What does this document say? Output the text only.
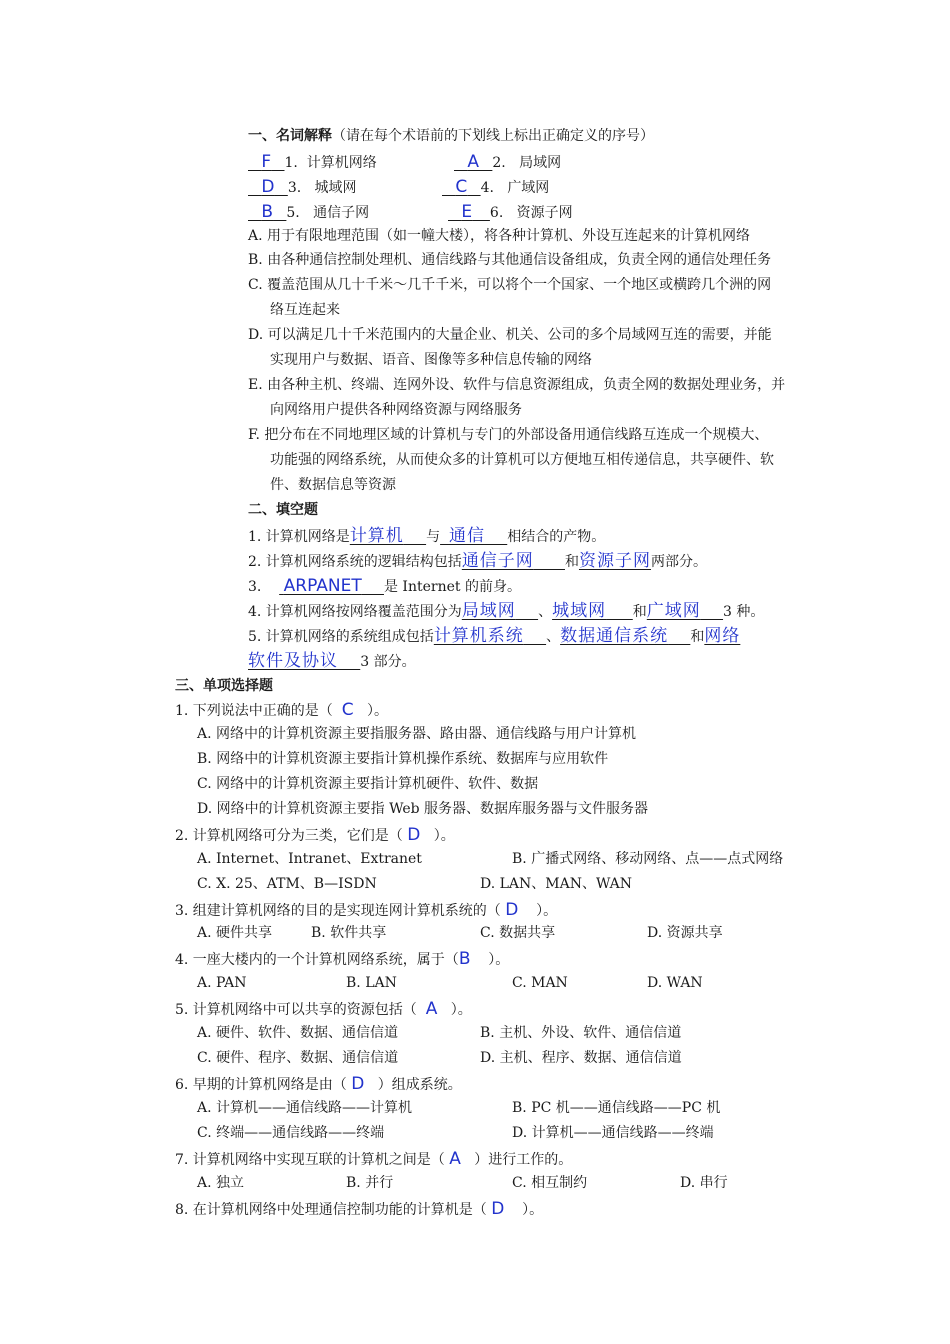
一、名词解释（请在每个术语前的下划线上标出正确定义的序号）
F 1. 计算机网络	A 2. 局域网
D 3. 城域网	C 4. 广域网
B 5. 通信子网	E 6. 资源子网
A. 用于有限地理范围（如一幢大楼），将各种计算机、外设互连起来的计算机网络
B. 由各种通信控制处理机、通信线路与其他通信设备组成，负责全网的通信处理任务
C. 覆盖范围从几十千米～几千千米，可以将个一个国家、一个地区或横跨几个洲的网
络互连起来
D. 可以满足几十千米范围内的大量企业、机关、公司的多个局域网互连的需要，并能
实现用户与数据、语音、图像等多种信息传输的网络
E. 由各种主机、终端、连网外设、软件与信息资源组成，负责全网的数据处理业务，并
向网络用户提供各种网络资源与网络服务
F. 把分布在不同地理区域的计算机与专门的外部设备用通信线路互连成一个规模大、
功能强的网络系统，从而使众多的计算机可以方便地互相传递信息，共享硬件、软
件、数据信息等资源
二、填空题
1. 计算机网络是计算机 与 通信 相结合的产物。
2. 计算机网络系统的逻辑结构包括通信子网 和资源子网两部分。
3. ARPANET 是 Internet 的前身。
4. 计算机网络按网络覆盖范围分为局域网 、城域网 和广域网 3 种。
5. 计算机网络的系统组成包括计算机系统 、数据通信系统 和网络
软件及协议 3 部分。
三、单项选择题
1. 下列说法中正确的是（ C ）。
A. 网络中的计算机资源主要指服务器、路由器、通信线路与用户计算机
B. 网络中的计算机资源主要指计算机操作系统、数据库与应用软件
C. 网络中的计算机资源主要指计算机硬件、软件、数据
D. 网络中的计算机资源主要指 Web 服务器、数据库服务器与文件服务器
2. 计算机网络可分为三类，它们是（ D ）。
A. Internet、Intranet、Extranet	B. 广播式网络、移动网络、点——点式网络
C. X. 25、ATM、B—ISDN	D. LAN、MAN、WAN
3. 组建计算机网络的目的是实现连网计算机系统的（ D ）。
A. 硬件共享	B. 软件共享	C. 数据共享	D. 资源共享
4. 一座大楼内的一个计算机网络系统，属于（B ）。
A. PAN	B. LAN	C. MAN	D. WAN
5. 计算机网络中可以共享的资源包括（ A ）。
A. 硬件、软件、数据、通信信道	B. 主机、外设、软件、通信信道
C. 硬件、程序、数据、通信信道	D. 主机、程序、数据、通信信道
6. 早期的计算机网络是由（ D ）组成系统。
A. 计算机——通信线路——计算机	B. PC 机——通信线路——PC 机
C. 终端——通信线路——终端	D. 计算机——通信线路——终端
7. 计算机网络中实现互联的计算机之间是（ A ）进行工作的。
A. 独立	B. 并行	C. 相互制约	D. 串行
8. 在计算机网络中处理通信控制功能的计算机是（ D ）。
